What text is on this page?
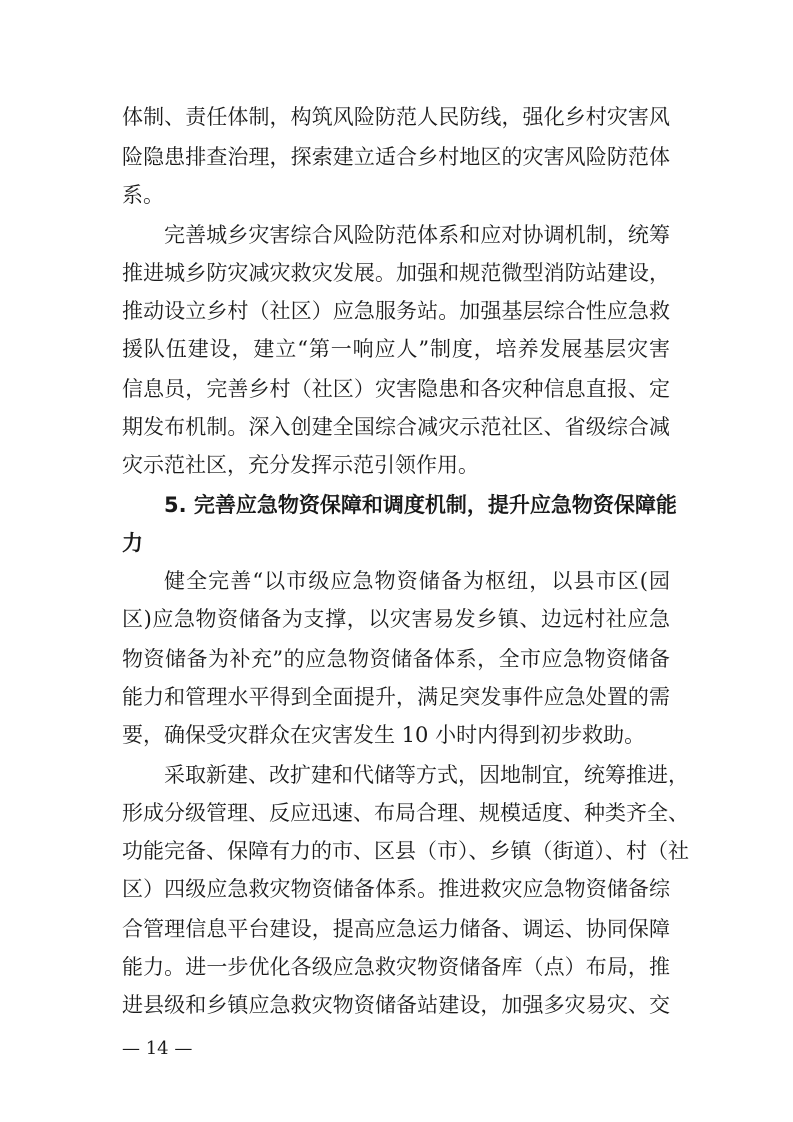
体制、责任体制，构筑风险防范人民防线，强化乡村灾害风

险隐患排查治理，探索建立适合乡村地区的灾害风险防范体

系。

完善城乡灾害综合风险防范体系和应对协调机制，统筹

推进城乡防灾减灾救灾发展。加强和规范微型消防站建设，

推动设立乡村（社区）应急服务站。加强基层综合性应急救

援队伍建设，建立“第一响应人”制度，培养发展基层灾害

信息员，完善乡村（社区）灾害隐患和各灾种信息直报、定

期发布机制。深入创建全国综合减灾示范社区、省级综合减

灾示范社区，充分发挥示范引领作用。

5. 完善应急物资保障和调度机制，提升应急物资保障能

力

健全完善“以市级应急物资储备为枢纽，以县市区(园

区)应急物资储备为支撑，以灾害易发乡镇、边远村社应急

物资储备为补充”的应急物资储备体系，全市应急物资储备

能力和管理水平得到全面提升，满足突发事件应急处置的需

要，确保受灾群众在灾害发生 10 小时内得到初步救助。

采取新建、改扩建和代储等方式，因地制宜，统筹推进，

形成分级管理、反应迅速、布局合理、规模适度、种类齐全、

功能完备、保障有力的市、区县（市）、乡镇（街道）、村（社

区）四级应急救灾物资储备体系。推进救灾应急物资储备综

合管理信息平台建设，提高应急运力储备、调运、协同保障

能力。进一步优化各级应急救灾物资储备库（点）布局，推

进县级和乡镇应急救灾物资储备站建设，加强多灾易灾、交

— 14 —
